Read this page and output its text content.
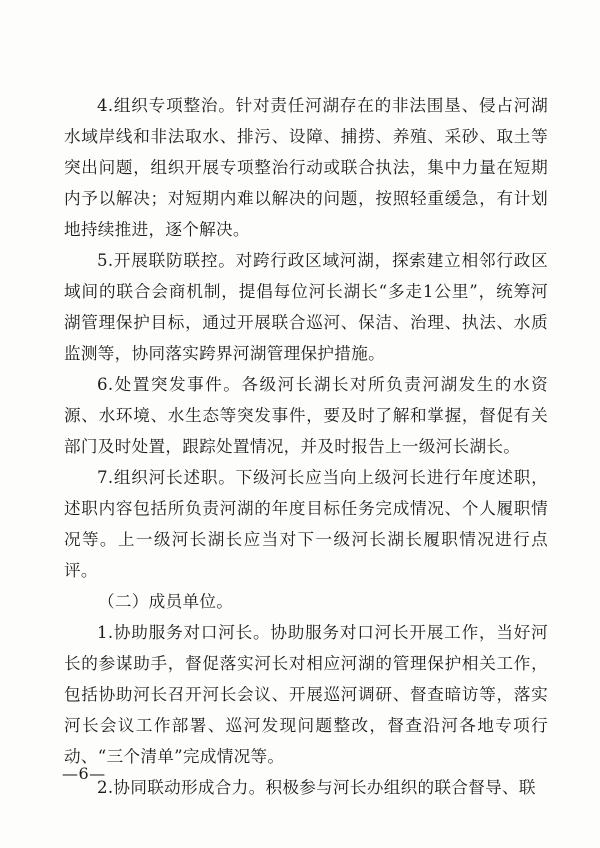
4.组织专项整治。针对责任河湖存在的非法围垦、侵占河湖水域岸线和非法取水、排污、设障、捕捞、养殖、采砂、取土等突出问题，组织开展专项整治行动或联合执法，集中力量在短期内予以解决；对短期内难以解决的问题，按照轻重缓急，有计划地持续推进，逐个解决。

5.开展联防联控。对跨行政区域河湖，探索建立相邻行政区域间的联合会商机制，提倡每位河长湖长“多走1公里”，统筹河湖管理保护目标，通过开展联合巡河、保洁、治理、执法、水质监测等，协同落实跨界河湖管理保护措施。

6.处置突发事件。各级河长湖长对所负责河湖发生的水资源、水环境、水生态等突发事件，要及时了解和掌握，督促有关部门及时处置，跟踪处置情况，并及时报告上一级河长湖长。

7.组织河长述职。下级河长应当向上级河长进行年度述职，述职内容包括所负责河湖的年度目标任务完成情况、个人履职情况等。上一级河长湖长应当对下一级河长湖长履职情况进行点评。

（二）成员单位。

1.协助服务对口河长。协助服务对口河长开展工作，当好河长的参谋助手，督促落实河长对相应河湖的管理保护相关工作，包括协助河长召开河长会议、开展巡河调研、督查暗访等，落实河长会议工作部署、巡河发现问题整改，督查沿河各地专项行动、“三个清单”完成情况等。

2.协同联动形成合力。积极参与河长办组织的联合督导、联

—6—
